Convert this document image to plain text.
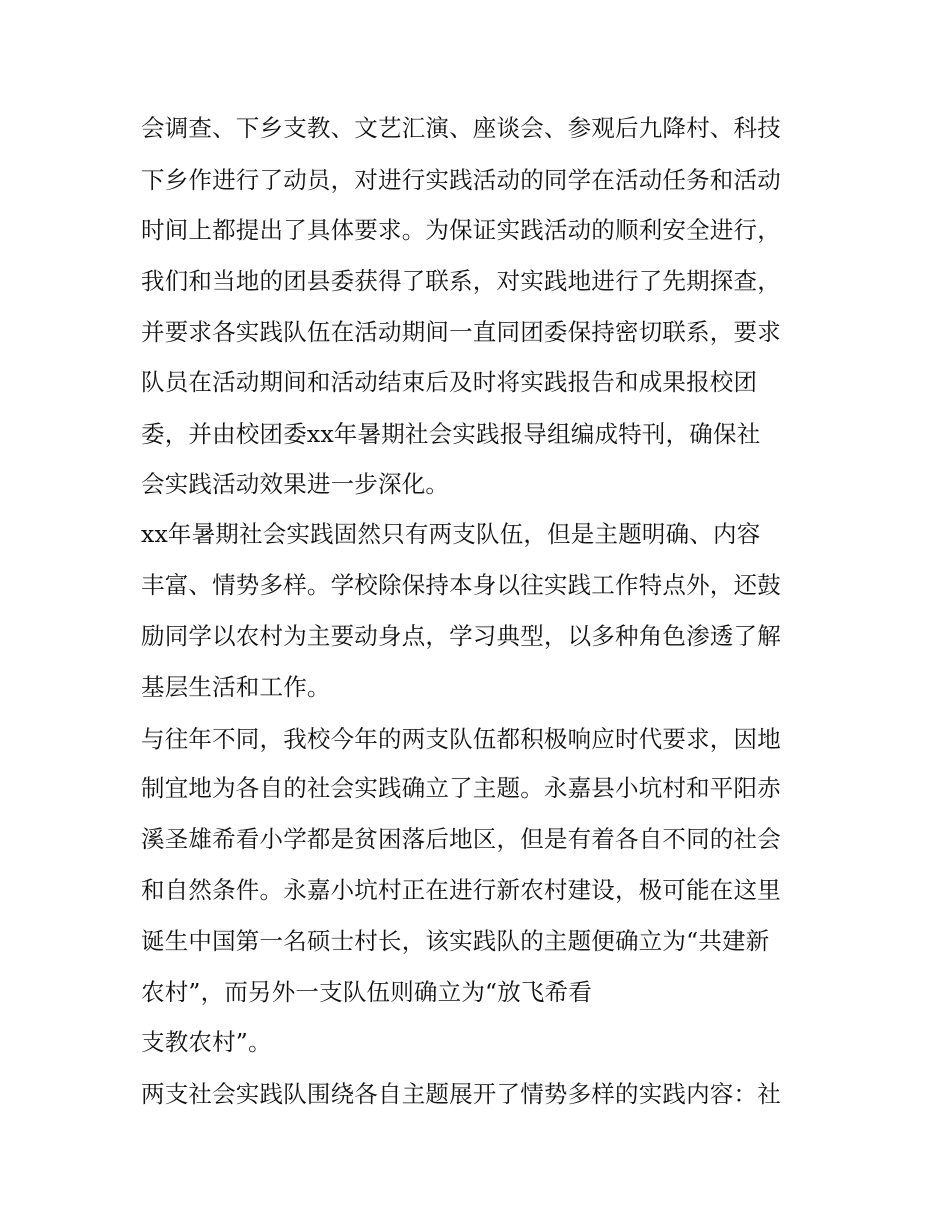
会调查、下乡支教、文艺汇演、座谈会、参观后九降村、科技
下乡作进行了动员，对进行实践活动的同学在活动任务和活动
时间上都提出了具体要求。为保证实践活动的顺利安全进行，
我们和当地的团县委获得了联系，对实践地进行了先期探查，
并要求各实践队伍在活动期间一直同团委保持密切联系，要求
队员在活动期间和活动结束后及时将实践报告和成果报校团
委，并由校团委xx年暑期社会实践报导组编成特刊，确保社
会实践活动效果进一步深化。
xx年暑期社会实践固然只有两支队伍，但是主题明确、内容
丰富、情势多样。学校除保持本身以往实践工作特点外，还鼓
励同学以农村为主要动身点，学习典型，以多种角色渗透了解
基层生活和工作。
与往年不同，我校今年的两支队伍都积极响应时代要求，因地
制宜地为各自的社会实践确立了主题。永嘉县小坑村和平阳赤
溪圣雄希看小学都是贫困落后地区，但是有着各自不同的社会
和自然条件。永嘉小坑村正在进行新农村建设，极可能在这里
诞生中国第一名硕士村长，该实践队的主题便确立为“共建新
农村”，而另外一支队伍则确立为“放飞希看
支教农村”。
两支社会实践队围绕各自主题展开了情势多样的实践内容：社
